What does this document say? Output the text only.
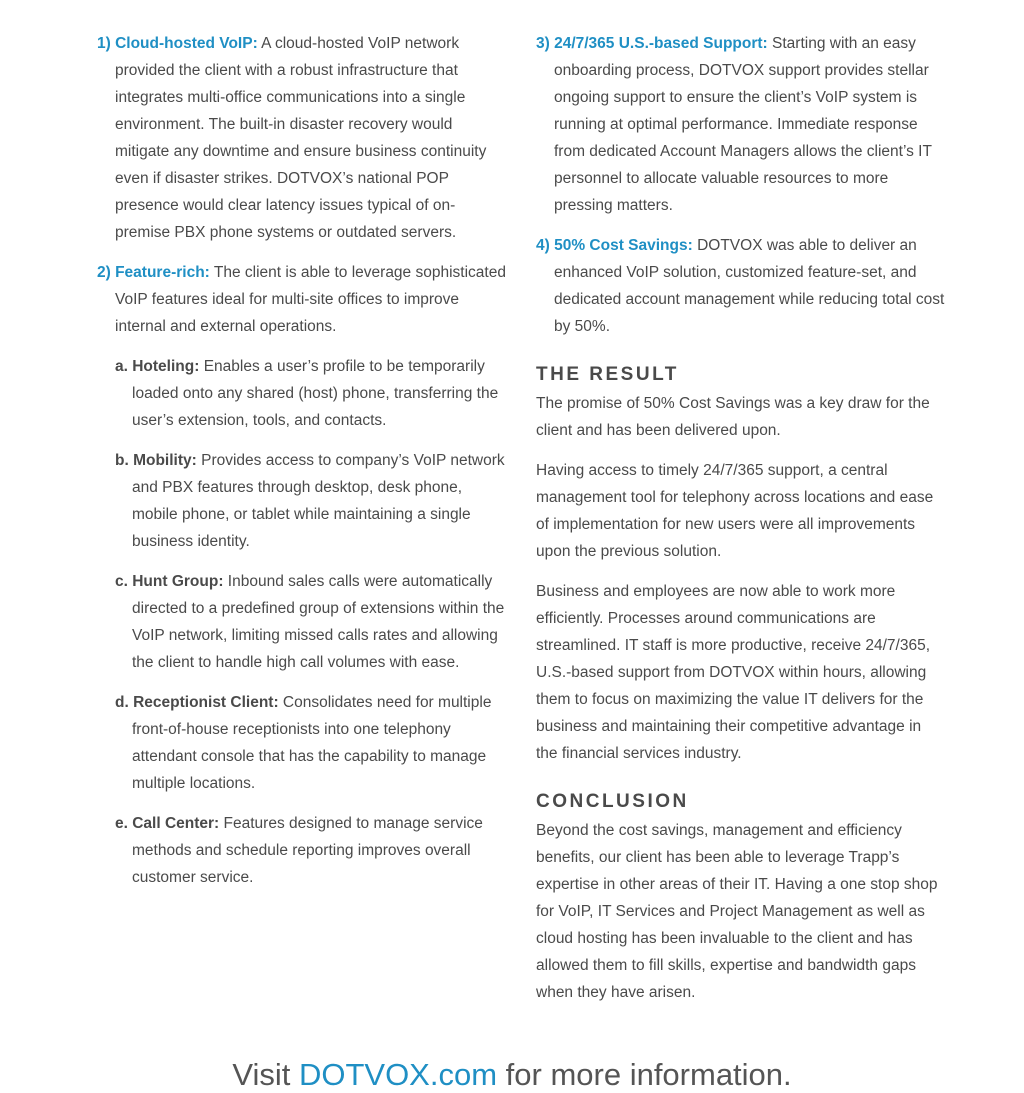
1) Cloud-hosted VoIP: A cloud-hosted VoIP network provided the client with a robust infrastructure that integrates multi-office communications into a single environment. The built-in disaster recovery would mitigate any downtime and ensure business continuity even if disaster strikes. DOTVOX’s national POP presence would clear latency issues typical of on-premise PBX phone systems or outdated servers.
2) Feature-rich: The client is able to leverage sophisticated VoIP features ideal for multi-site offices to improve internal and external operations.
a. Hoteling: Enables a user’s profile to be temporarily loaded onto any shared (host) phone, transferring the user’s extension, tools, and contacts.
b. Mobility: Provides access to company’s VoIP network and PBX features through desktop, desk phone, mobile phone, or tablet while maintaining a single business identity.
c. Hunt Group: Inbound sales calls were automatically directed to a predefined group of extensions within the VoIP network, limiting missed calls rates and allowing the client to handle high call volumes with ease.
d. Receptionist Client: Consolidates need for multiple front-of-house receptionists into one telephony attendant console that has the capability to manage multiple locations.
e. Call Center: Features designed to manage service methods and schedule reporting improves overall customer service.
3) 24/7/365 U.S.-based Support: Starting with an easy onboarding process, DOTVOX support provides stellar ongoing support to ensure the client’s VoIP system is running at optimal performance. Immediate response from dedicated Account Managers allows the client’s IT personnel to allocate valuable resources to more pressing matters.
4) 50% Cost Savings: DOTVOX was able to deliver an enhanced VoIP solution, customized feature-set, and dedicated account management while reducing total cost by 50%.
THE RESULT
The promise of 50% Cost Savings was a key draw for the client and has been delivered upon.
Having access to timely 24/7/365 support, a central management tool for telephony across locations and ease of implementation for new users were all improvements upon the previous solution.
Business and employees are now able to work more efficiently. Processes around communications are streamlined. IT staff is more productive, receive 24/7/365, U.S.-based support from DOTVOX within hours, allowing them to focus on maximizing the value IT delivers for the business and maintaining their competitive advantage in the financial services industry.
CONCLUSION
Beyond the cost savings, management and efficiency benefits, our client has been able to leverage Trapp’s expertise in other areas of their IT. Having a one stop shop for VoIP, IT Services and Project Management as well as cloud hosting has been invaluable to the client and has allowed them to fill skills, expertise and bandwidth gaps when they have arisen.
Visit DOTVOX.com for more information.
